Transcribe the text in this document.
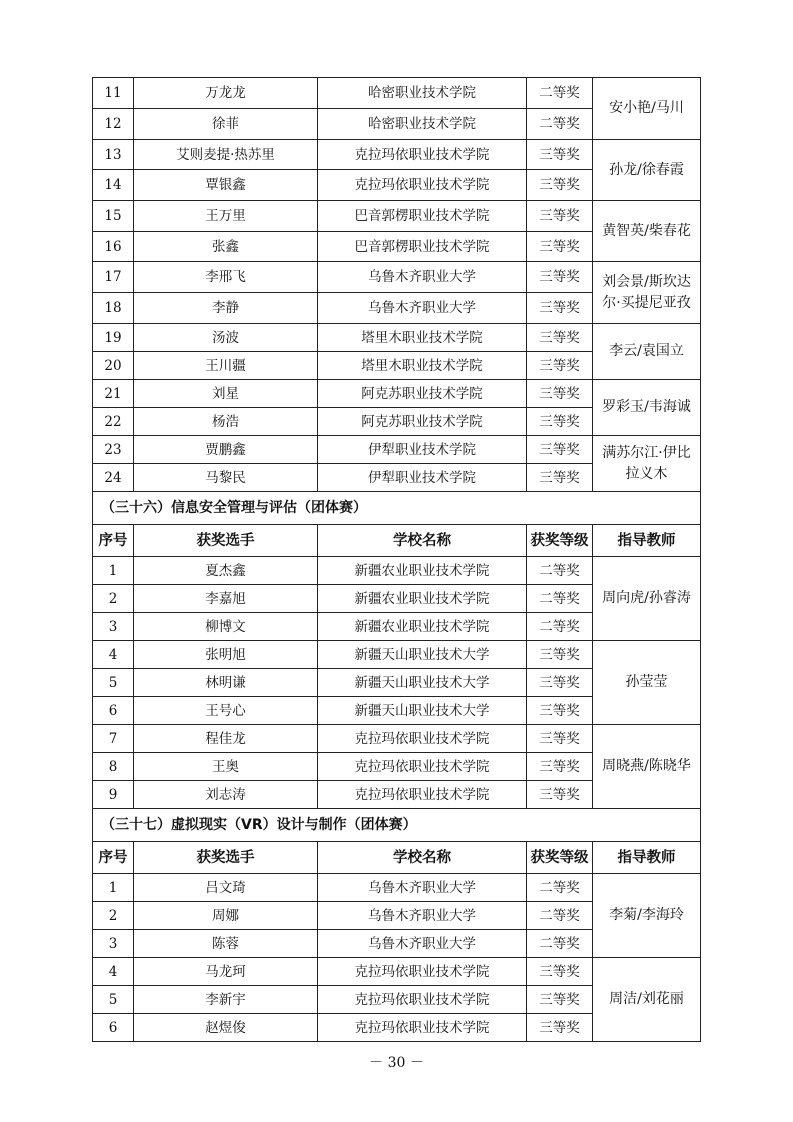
11	万龙龙	哈密职业技术学院	二等奖	安小艳/马川
12	徐菲	哈密职业技术学院	二等奖	
13	艾则麦提·热苏里	克拉玛依职业技术学院	三等奖	孙龙/徐春霞
14	覃银鑫	克拉玛依职业技术学院	三等奖	
15	王万里	巴音郭楞职业技术学院	三等奖	黄智英/柴春花
16	张鑫	巴音郭楞职业技术学院	三等奖	
17	李邢飞	乌鲁木齐职业大学	三等奖	刘会景/斯坎达尔·买提尼亚孜
18	李静	乌鲁木齐职业大学	三等奖	
19	汤波	塔里木职业技术学院	三等奖	李云/袁国立
20	王川疆	塔里木职业技术学院	三等奖	
21	刘星	阿克苏职业技术学院	三等奖	罗彩玉/韦海诚
22	杨浩	阿克苏职业技术学院	三等奖	
23	贾鹏鑫	伊犁职业技术学院	三等奖	满苏尔江·伊比拉义木
24	马黎民	伊犁职业技术学院	三等奖	
（三十六）信息安全管理与评估（团体赛）				
序号	获奖选手	学校名称	获奖等级	指导教师
1	夏杰鑫	新疆农业职业技术学院	二等奖	周向虎/孙睿涛
2	李嘉旭	新疆农业职业技术学院	二等奖	
3	柳博文	新疆农业职业技术学院	二等奖	
4	张明旭	新疆天山职业技术大学	三等奖	孙莹莹
5	林明谦	新疆天山职业技术大学	三等奖	
6	王号心	新疆天山职业技术大学	三等奖	
7	程佳龙	克拉玛依职业技术学院	三等奖	周晓燕/陈晓华
8	王奥	克拉玛依职业技术学院	三等奖	
9	刘志涛	克拉玛依职业技术学院	三等奖	
（三十七）虚拟现实（VR）设计与制作（团体赛）				
序号	获奖选手	学校名称	获奖等级	指导教师
1	吕文琦	乌鲁木齐职业大学	二等奖	李菊/李海玲
2	周娜	乌鲁木齐职业大学	二等奖	
3	陈蓉	乌鲁木齐职业大学	二等奖	
4	马龙珂	克拉玛依职业技术学院	三等奖	周洁/刘花丽
5	李新宇	克拉玛依职业技术学院	三等奖	
6	赵煜俊	克拉玛依职业技术学院	三等奖	
－ 30 －
